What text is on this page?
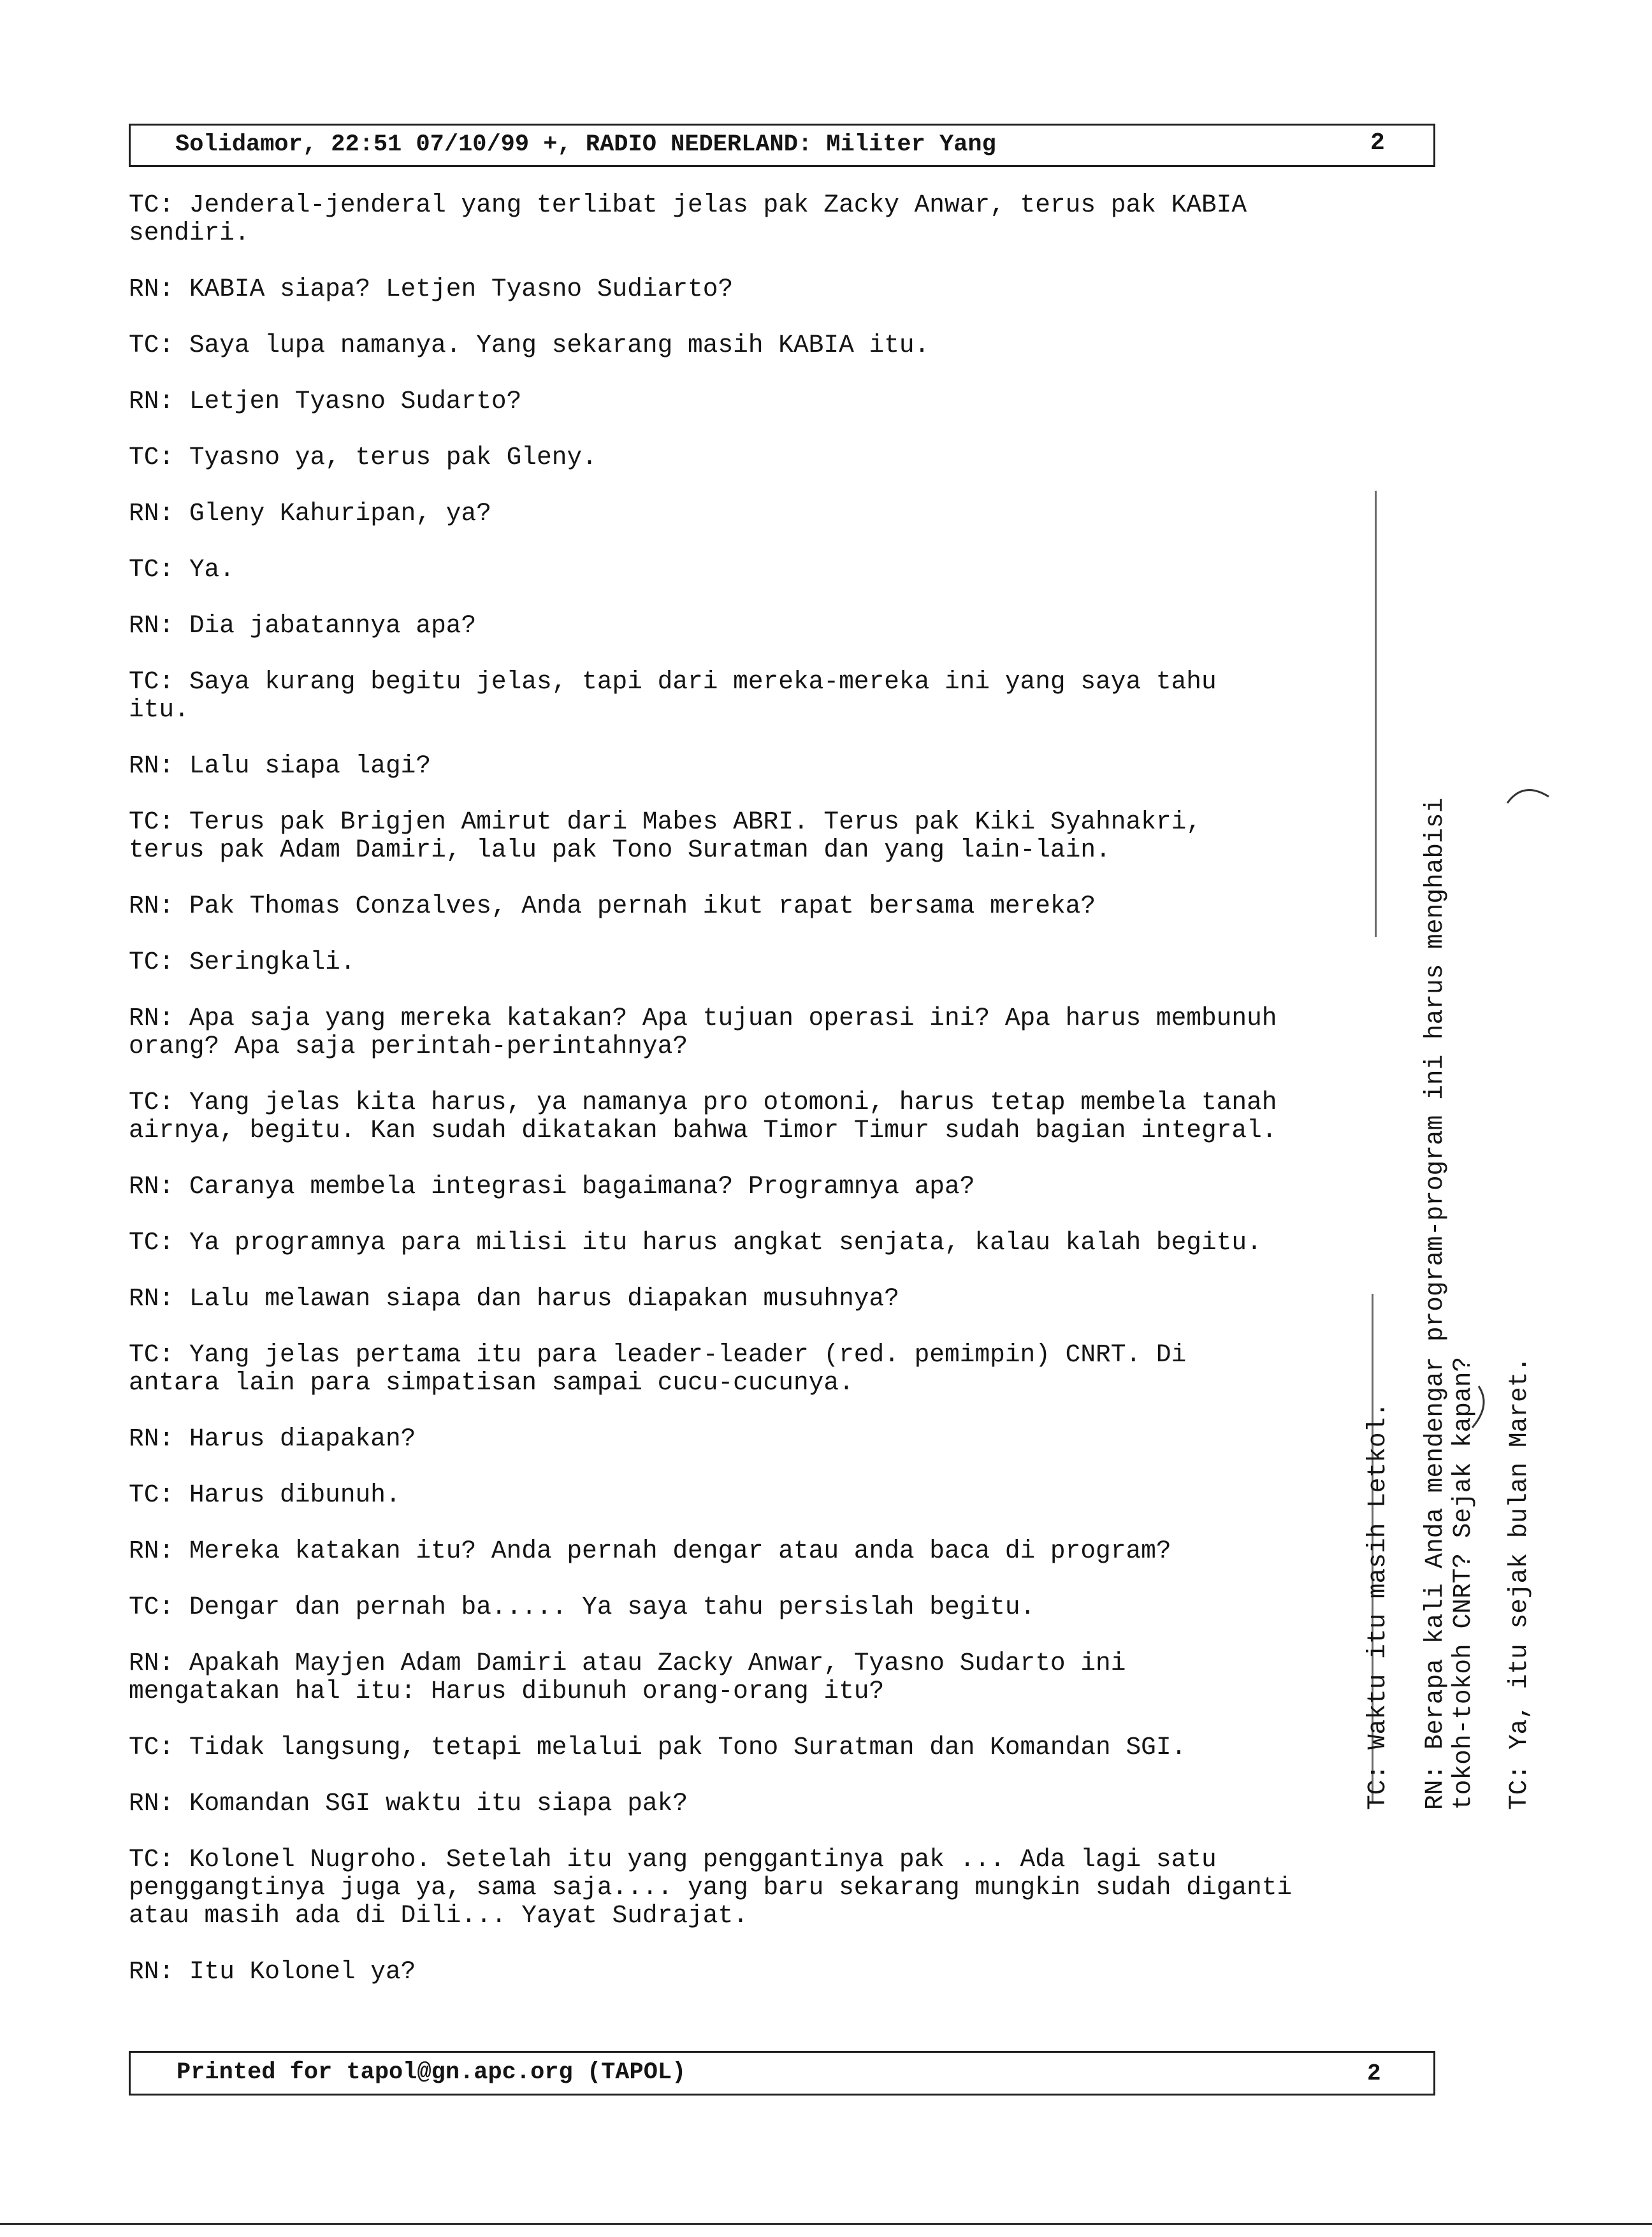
Solidamor, 22:51 07/10/99 +, RADIO NEDERLAND: Militer Yang	2

TC: Jenderal-jenderal yang terlibat jelas pak Zacky Anwar, terus pak KABIA
sendiri.

RN: KABIA siapa? Letjen Tyasno Sudiarto?

TC: Saya lupa namanya. Yang sekarang masih KABIA itu.

RN: Letjen Tyasno Sudarto?

TC: Tyasno ya, terus pak Gleny.

RN: Gleny Kahuripan, ya?

TC: Ya.

RN: Dia jabatannya apa?

TC: Saya kurang begitu jelas, tapi dari mereka-mereka ini yang saya tahu
itu.

RN: Lalu siapa lagi?

TC: Terus pak Brigjen Amirut dari Mabes ABRI. Terus pak Kiki Syahnakri,
terus pak Adam Damiri, lalu pak Tono Suratman dan yang lain-lain.

RN: Pak Thomas Conzalves, Anda pernah ikut rapat bersama mereka?

TC: Seringkali.

RN: Apa saja yang mereka katakan? Apa tujuan operasi ini? Apa harus membunuh
orang? Apa saja perintah-perintahnya?

TC: Yang jelas kita harus, ya namanya pro otomoni, harus tetap membela tanah
airnya, begitu. Kan sudah dikatakan bahwa Timor Timur sudah bagian integral.

RN: Caranya membela integrasi bagaimana? Programnya apa?

TC: Ya programnya para milisi itu harus angkat senjata, kalau kalah begitu.

RN: Lalu melawan siapa dan harus diapakan musuhnya?

TC: Yang jelas pertama itu para leader-leader (red. pemimpin) CNRT. Di
antara lain para simpatisan sampai cucu-cucunya.

RN: Harus diapakan?

TC: Harus dibunuh.

RN: Mereka katakan itu? Anda pernah dengar atau anda baca di program?

TC: Dengar dan pernah ba..... Ya saya tahu persislah begitu.

RN: Apakah Mayjen Adam Damiri atau Zacky Anwar, Tyasno Sudarto ini
mengatakan hal itu: Harus dibunuh orang-orang itu?

TC: Tidak langsung, tetapi melalui pak Tono Suratman dan Komandan SGI.

RN: Komandan SGI waktu itu siapa pak?

TC: Kolonel Nugroho. Setelah itu yang penggantinya pak ... Ada lagi satu
penggangtinya juga ya, sama saja.... yang baru sekarang mungkin sudah diganti
atau masih ada di Dili... Yayat Sudrajat.

RN: Itu Kolonel ya?

TC: Waktu itu masih Letkol. RN: Berapa kali Anda mendengar program-program ini harus menghabisi
tokoh-tokoh CNRT? Sejak kapan? TC: Ya, itu sejak bulan Maret.
Printed for tapol@gn.apc.org (TAPOL)	2
